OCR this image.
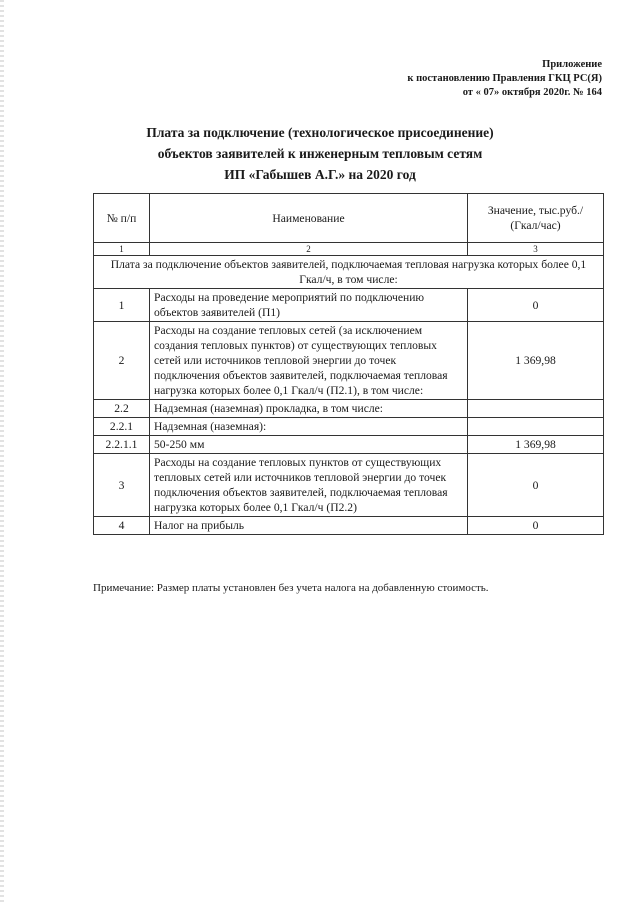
Приложение
к постановлению Правления ГКЦ РС(Я)
от « 07» октября 2020г. № 164
Плата за подключение (технологическое присоединение)
объектов заявителей к инженерным тепловым сетям
ИП «Габышев А.Г.» на 2020 год
№ п/п	Наименование	Значение, тыс.руб./ (Гкал/час)
1	2	3
Плата за подключение объектов заявителей, подключаемая тепловая нагрузка которых более 0,1 Гкал/ч, в том числе:		
1	Расходы на проведение мероприятий по подключению объектов заявителей (П1)	0
2	Расходы на создание тепловых сетей (за исключением создания тепловых пунктов) от существующих тепловых сетей или источников тепловой энергии до точек подключения объектов заявителей, подключаемая тепловая нагрузка которых более 0,1 Гкал/ч (П2.1), в том числе:	1 369,98
2.2	Надземная (наземная) прокладка, в том числе:	
2.2.1	Надземная (наземная):	
2.2.1.1	50-250 мм	1 369,98
3	Расходы на создание тепловых пунктов от существующих тепловых сетей или источников тепловой энергии до точек подключения объектов заявителей, подключаемая тепловая нагрузка которых более 0,1 Гкал/ч (П2.2)	0
4	Налог на прибыль	0
Примечание: Размер платы установлен без учета налога на добавленную стоимость.
